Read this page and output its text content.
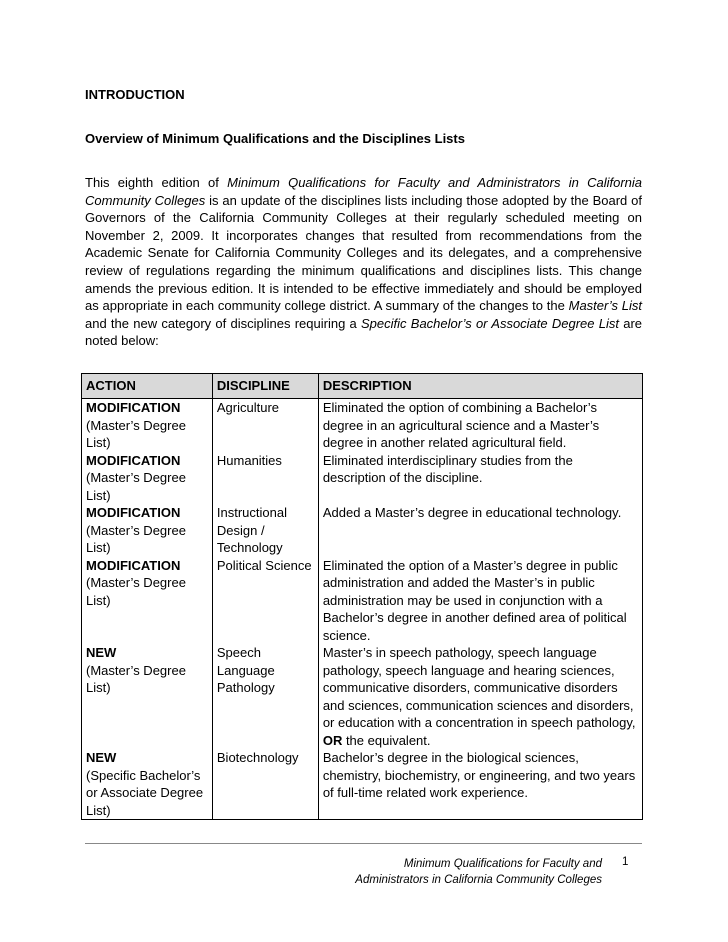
INTRODUCTION
Overview of Minimum Qualifications and the Disciplines Lists

This eighth edition of Minimum Qualifications for Faculty and Administrators in California Community Colleges is an update of the disciplines lists including those adopted by the Board of Governors of the California Community Colleges at their regularly scheduled meeting on November 2, 2009. It incorporates changes that resulted from recommendations from the Academic Senate for California Community Colleges and its delegates, and a comprehensive review of regulations regarding the minimum qualifications and disciplines lists. This change amends the previous edition. It is intended to be effective immediately and should be employed as appropriate in each community college district. A summary of the changes to the Master’s List and the new category of disciplines requiring a Specific Bachelor’s or Associate Degree List are noted below:

ACTION	DISCIPLINE	DESCRIPTION

MODIFICATION
(Master’s Degree List)	Agriculture	Eliminated the option of combining a Bachelor’s degree in an agricultural science and a Master’s degree in another related agricultural field.

MODIFICATION
(Master’s Degree List)	Humanities	Eliminated interdisciplinary studies from the description of the discipline.

MODIFICATION
(Master’s Degree List)	Instructional Design / Technology	Added a Master’s degree in educational technology.

MODIFICATION
(Master’s Degree List)	Political Science	Eliminated the option of a Master’s degree in public administration and added the Master’s in public administration may be used in conjunction with a Bachelor’s degree in another defined area of political science.

NEW
(Master’s Degree List)	Speech Language Pathology	Master’s in speech pathology, speech language pathology, speech language and hearing sciences, communicative disorders, communicative disorders and sciences, communication sciences and disorders, or education with a concentration in speech pathology, OR the equivalent.

NEW
(Specific Bachelor’s or Associate Degree List)	Biotechnology	Bachelor’s degree in the biological sciences, chemistry, biochemistry, or engineering, and two years of full-time related work experience.
Minimum Qualifications for Faculty and
Administrators in California Community Colleges
1
